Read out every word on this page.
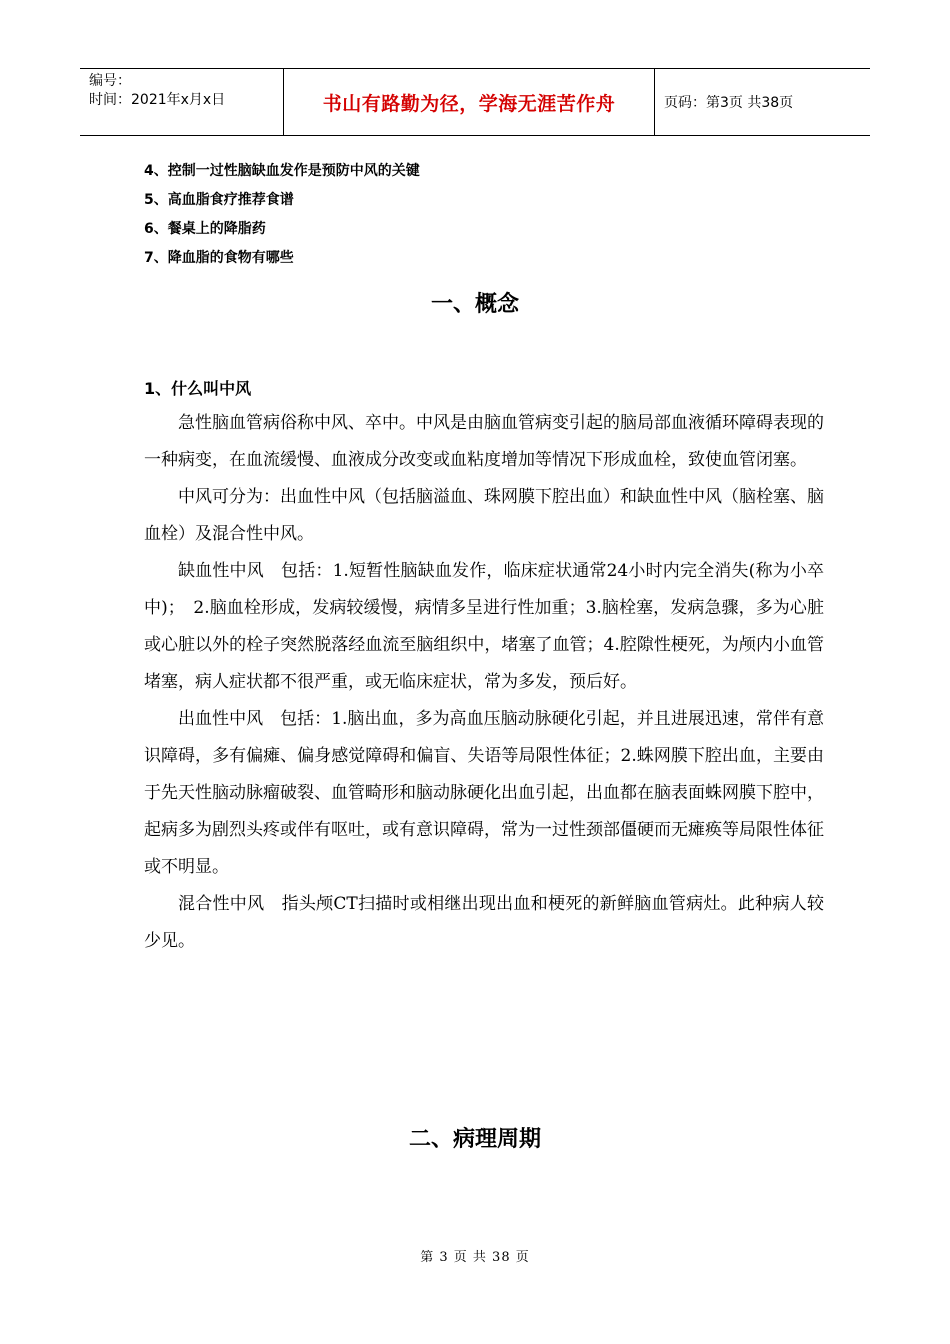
编号：
时间：2021年x月x日	书山有路勤为径，学海无涯苦作舟	页码：第3页 共38页
4、控制一过性脑缺血发作是预防中风的关键
5、高血脂食疗推荐食谱
6、餐桌上的降脂药
7、降血脂的食物有哪些
一、概念
1、什么叫中风

急性脑血管病俗称中风、卒中。中风是由脑血管病变引起的脑局部血液循环障碍表现的一种病变，在血流缓慢、血液成分改变或血粘度增加等情况下形成血栓，致使血管闭塞。

中风可分为：出血性中风（包括脑溢血、珠网膜下腔出血）和缺血性中风（脑栓塞、脑血栓）及混合性中风。

缺血性中风　包括：1.短暂性脑缺血发作，临床症状通常24小时内完全消失(称为小卒中)；　2.脑血栓形成，发病较缓慢，病情多呈进行性加重；3.脑栓塞，发病急骤，多为心脏或心脏以外的栓子突然脱落经血流至脑组织中，堵塞了血管；4.腔隙性梗死，为颅内小血管堵塞，病人症状都不很严重，或无临床症状，常为多发，预后好。

出血性中风　包括：1.脑出血，多为高血压脑动脉硬化引起，并且进展迅速，常伴有意识障碍，多有偏瘫、偏身感觉障碍和偏盲、失语等局限性体征；2.蛛网膜下腔出血，主要由于先天性脑动脉瘤破裂、血管畸形和脑动脉硬化出血引起，出血都在脑表面蛛网膜下腔中，起病多为剧烈头疼或伴有呕吐，或有意识障碍，常为一过性颈部僵硬而无瘫痪等局限性体征或不明显。

混合性中风　指头颅CT扫描时或相继出现出血和梗死的新鲜脑血管病灶。此种病人较少见。

二、病理周期
第 3 页 共 38 页
